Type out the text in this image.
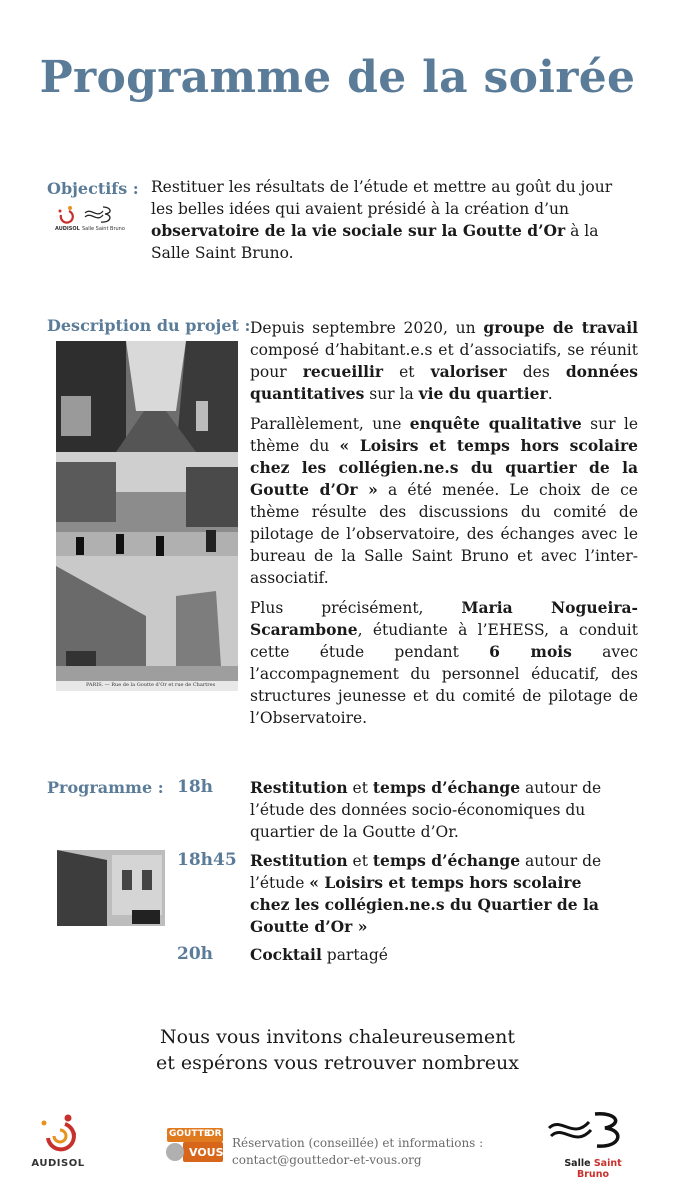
Programme de la soirée
Objectifs :
AUDISOL Salle Saint Bruno
Restituer les résultats de l’étude et mettre au goût du jour les belles idées qui avaient présidé à la création d’un observatoire de la vie sociale sur la Goutte d’Or à la Salle Saint Bruno.
Description du projet :
PARIS. — Rue de la Goutte d’Or et rue de Chartres

Depuis septembre 2020, un groupe de travail composé d’habitant.e.s et d’associatifs, se réunit pour recueillir et valoriser des données quantitatives sur la vie du quartier.

Parallèlement, une enquête qualitative sur le thème du « Loisirs et temps hors scolaire chez les collégien.ne.s du quartier de la Goutte d’Or » a été menée. Le choix de ce thème résulte des discussions du comité de pilotage de l’observatoire, des échanges avec le bureau de la Salle Saint Bruno et avec l’inter-associatif.

Plus précisément, Maria Nogueira-Scarambone, étudiante à l’EHESS, a conduit cette étude pendant 6 mois avec l’accompagnement du personnel éducatif, des structures jeunesse et du comité de pilotage de l’Observatoire.

Programme : 18h Restitution et temps d’échange autour de l’étude des données socio-économiques du quartier de la Goutte d’Or.
18h45 Restitution et temps d’échange autour de l’étude « Loisirs et temps hors scolaire chez les collégien.ne.s du Quartier de la Goutte d’Or »
20h Cocktail partagé
Nous vous invitons chaleureusement
et espérons vous retrouver nombreux
AUDISOL
GOUTTE
OR
VOUS
Réservation (conseillée) et informations :
contact@gouttedor-et-vous.org	Salle Saint Bruno
